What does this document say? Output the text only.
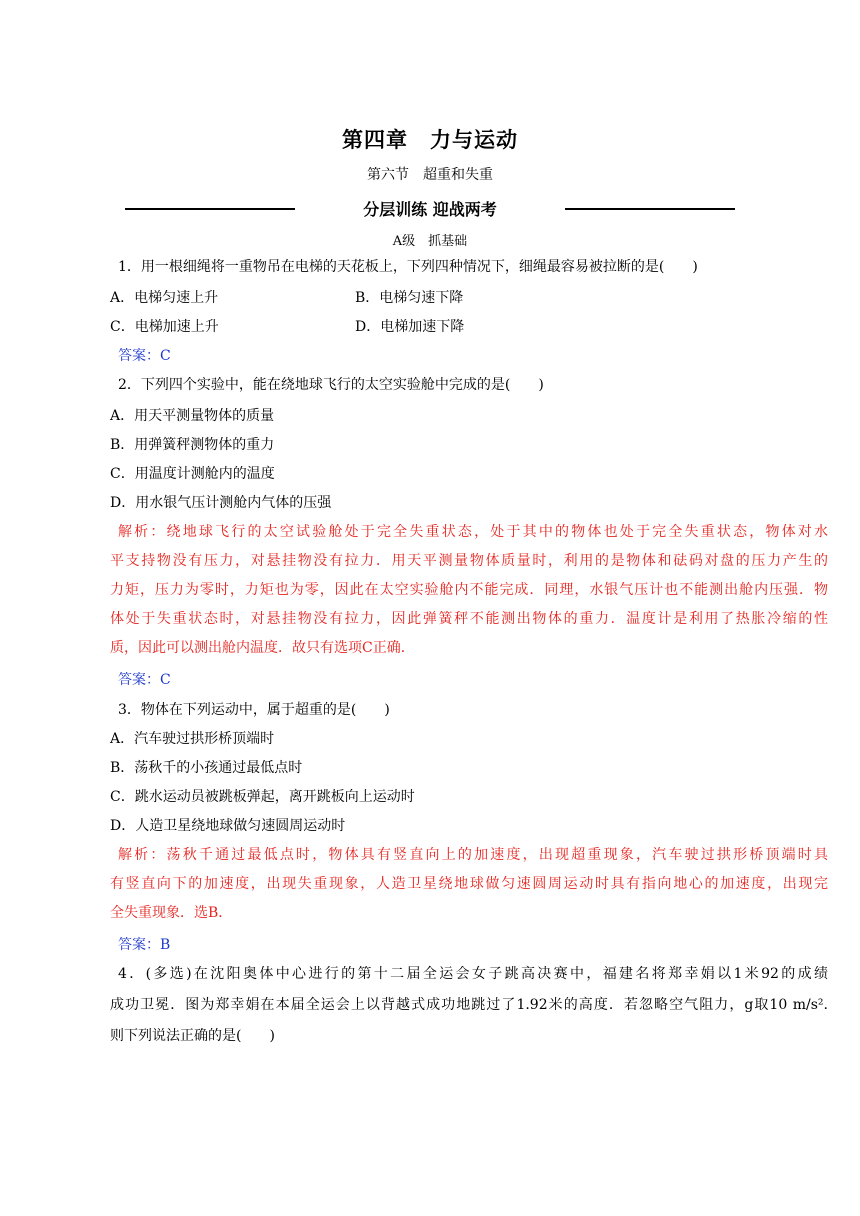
第四章　力与运动
第六节　超重和失重
分层训练 迎战两考
A级　抓基础
1．用一根细绳将一重物吊在电梯的天花板上，下列四种情况下，细绳最容易被拉断的是(　　)
A．电梯匀速上升	B．电梯匀速下降
C．电梯加速上升	D．电梯加速下降
答案：C
2．下列四个实验中，能在绕地球飞行的太空实验舱中完成的是(　　)
A．用天平测量物体的质量
B．用弹簧秤测物体的重力
C．用温度计测舱内的温度
D．用水银气压计测舱内气体的压强
解析：绕地球飞行的太空试验舱处于完全失重状态，处于其中的物体也处于完全失重状态，物体对水
平支持物没有压力，对悬挂物没有拉力．用天平测量物体质量时，利用的是物体和砝码对盘的压力产生的
力矩，压力为零时，力矩也为零，因此在太空实验舱内不能完成．同理，水银气压计也不能测出舱内压强．物
体处于失重状态时，对悬挂物没有拉力，因此弹簧秤不能测出物体的重力．温度计是利用了热胀冷缩的性
质，因此可以测出舱内温度．故只有选项C正确．
答案：C
3．物体在下列运动中，属于超重的是(　　)
A．汽车驶过拱形桥顶端时
B．荡秋千的小孩通过最低点时
C．跳水运动员被跳板弹起，离开跳板向上运动时
D．人造卫星绕地球做匀速圆周运动时
解析：荡秋千通过最低点时，物体具有竖直向上的加速度，出现超重现象，汽车驶过拱形桥顶端时具
有竖直向下的加速度，出现失重现象，人造卫星绕地球做匀速圆周运动时具有指向地心的加速度，出现完
全失重现象．选B．
答案：B
4．(多选)在沈阳奥体中心进行的第十二届全运会女子跳高决赛中，福建名将郑幸娟以1米92的成绩
成功卫冕．图为郑幸娟在本届全运会上以背越式成功地跳过了1.92米的高度．若忽略空气阻力，g取10 m/s².
则下列说法正确的是(　　)
